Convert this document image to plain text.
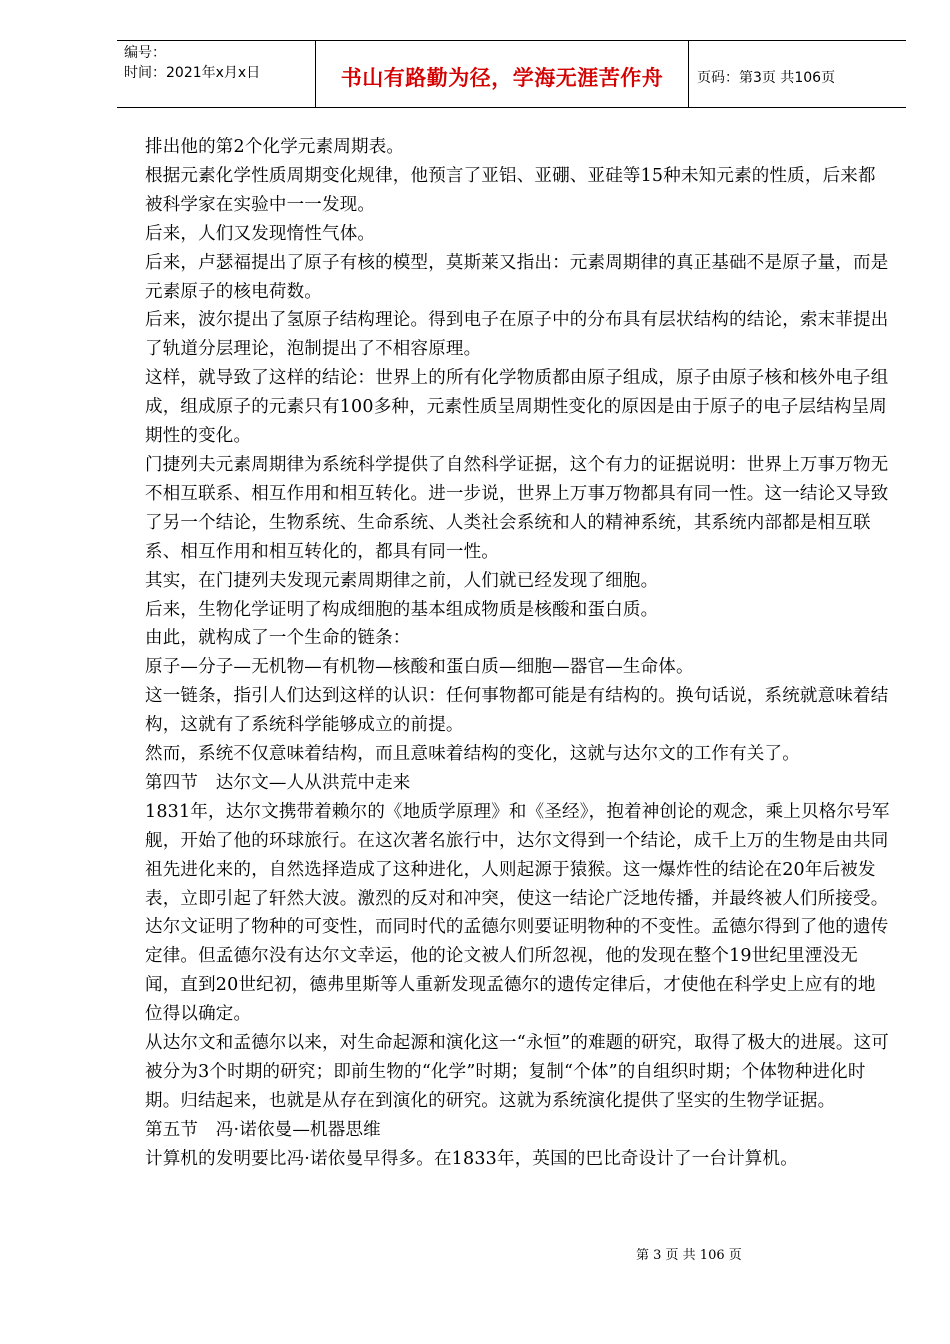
编号：
时间：2021年x月x日	书山有路勤为径，学海无涯苦作舟 页码：第3页 共106页

排出他的第2个化学元素周期表。

根据元素化学性质周期变化规律，他预言了亚铝、亚硼、亚硅等15种未知元素的性质，后来都被科学家在实验中一一发现。

后来，人们又发现惰性气体。

后来，卢瑟福提出了原子有核的模型，莫斯莱又指出：元素周期律的真正基础不是原子量，而是元素原子的核电荷数。

后来，波尔提出了氢原子结构理论。得到电子在原子中的分布具有层状结构的结论，索末菲提出了轨道分层理论，泡制提出了不相容原理。

这样，就导致了这样的结论：世界上的所有化学物质都由原子组成，原子由原子核和核外电子组成，组成原子的元素只有100多种，元素性质呈周期性变化的原因是由于原子的电子层结构呈周期性的变化。

门捷列夫元素周期律为系统科学提供了自然科学证据，这个有力的证据说明：世界上万事万物无不相互联系、相互作用和相互转化。进一步说，世界上万事万物都具有同一性。这一结论又导致了另一个结论，生物系统、生命系统、人类社会系统和人的精神系统，其系统内部都是相互联系、相互作用和相互转化的，都具有同一性。

其实，在门捷列夫发现元素周期律之前，人们就已经发现了细胞。

后来，生物化学证明了构成细胞的基本组成物质是核酸和蛋白质。

由此，就构成了一个生命的链条：

原子—分子—无机物—有机物—核酸和蛋白质—细胞—器官—生命体。

这一链条，指引人们达到这样的认识：任何事物都可能是有结构的。换句话说，系统就意味着结构，这就有了系统科学能够成立的前提。

然而，系统不仅意味着结构，而且意味着结构的变化，这就与达尔文的工作有关了。

第四节　达尔文—人从洪荒中走来

1831年，达尔文携带着赖尔的《地质学原理》和《圣经》，抱着神创论的观念，乘上贝格尔号军舰，开始了他的环球旅行。在这次著名旅行中，达尔文得到一个结论，成千上万的生物是由共同祖先进化来的，自然选择造成了这种进化，人则起源于猿猴。这一爆炸性的结论在20年后被发表，立即引起了轩然大波。激烈的反对和冲突，使这一结论广泛地传播，并最终被人们所接受。

达尔文证明了物种的可变性，而同时代的孟德尔则要证明物种的不变性。孟德尔得到了他的遗传定律。但孟德尔没有达尔文幸运，他的论文被人们所忽视，他的发现在整个19世纪里湮没无闻，直到20世纪初，德弗里斯等人重新发现孟德尔的遗传定律后，才使他在科学史上应有的地位得以确定。

从达尔文和孟德尔以来，对生命起源和演化这一“永恒”的难题的研究，取得了极大的进展。这可被分为3个时期的研究；即前生物的“化学”时期；复制“个体”的自组织时期；个体物种进化时期。归结起来，也就是从存在到演化的研究。这就为系统演化提供了坚实的生物学证据。

第五节　冯·诺依曼—机器思维

计算机的发明要比冯·诺依曼早得多。在1833年，英国的巴比奇设计了一台计算机。

第 3 页 共 106 页
